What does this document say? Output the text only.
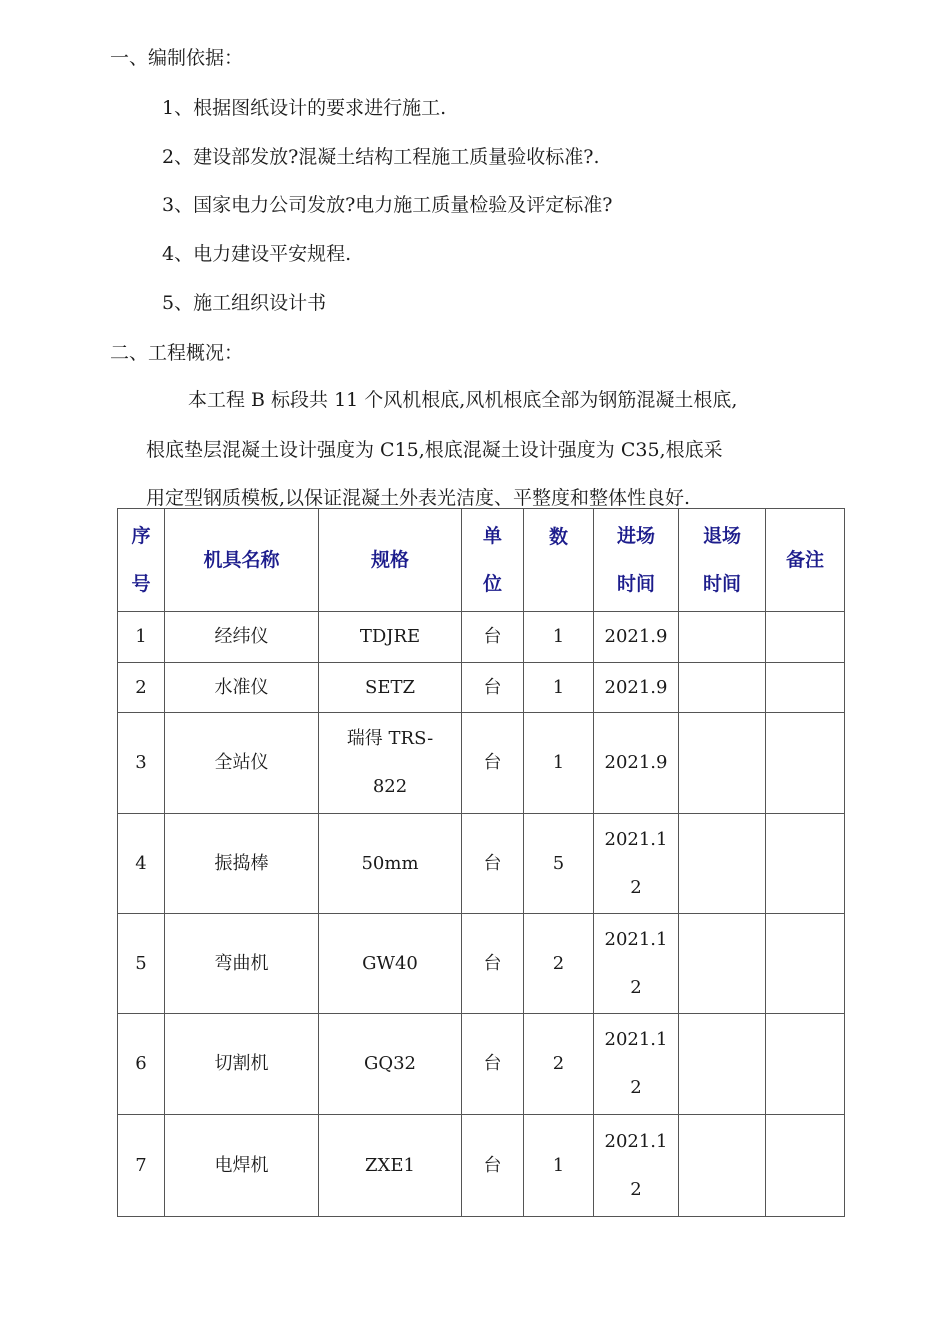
一、编制依据：
1、根据图纸设计的要求进行施工.
2、建设部发放?混凝土结构工程施工质量验收标准?.
3、国家电力公司发放?电力施工质量检验及评定标准?
4、电力建设平安规程.
5、施工组织设计书
二、工程概况：
本工程 B 标段共 11 个风机根底,风机根底全部为钢筋混凝土根底,
根底垫层混凝土设计强度为 C15,根底混凝土设计强度为 C35,根底采
用定型钢质模板,以保证混凝土外表光洁度、平整度和整体性良好.
序号	机具名称	规格	单位	数	进场时间	退场时间	备注
1	经纬仪	TDJRE	台	1	2021.9		
2	水准仪	SETZ	台	1	2021.9		
3	全站仪	瑞得 TRS-822	台	1	2021.9		
4	振捣棒	50mm	台	5	2021.12		
5	弯曲机	GW40	台	2	2021.12		
6	切割机	GQ32	台	2	2021.12		
7	电焊机	ZXE1	台	1	2021.12		
